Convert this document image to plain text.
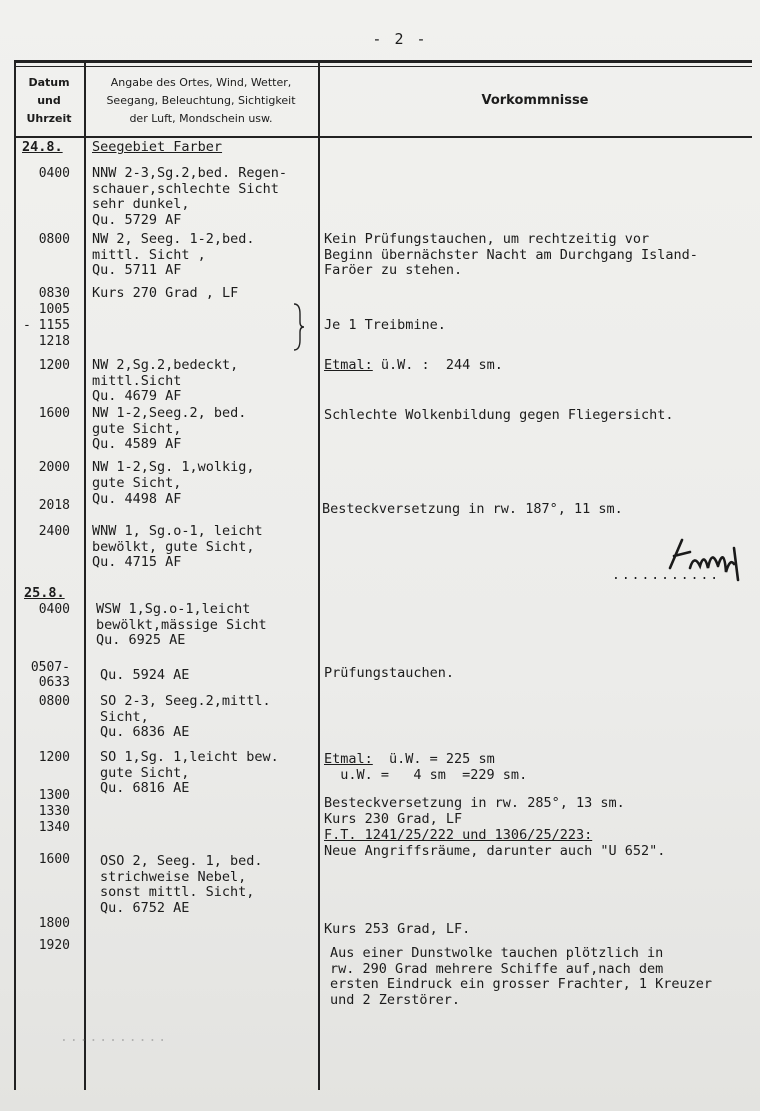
- 2 -
Datum
und
Uhrzeit
Angabe des Ortes, Wind, Wetter,
Seegang, Beleuchtung, Sichtigkeit
der Luft, Mondschein usw.
Vorkommnisse
24.8. Seegebiet Farber
0400 NNW 2-3,Sg.2,bed. Regen-
schauer,schlechte Sicht
sehr dunkel,
Qu. 5729 AF
0800 NW 2, Seeg. 1-2,bed.
mittl. Sicht ,
Qu. 5711 AF
Kein Prüfungstauchen, um rechtzeitig vor
Beginn übernächster Nacht am Durchgang Island-
Faröer zu stehen.
0830
1005
- 1155
1218
Kurs 270 Grad , LF
Je 1 Treibmine.
1200 NW 2,Sg.2,bedeckt,
mittl.Sicht
Qu. 4679 AF
Etmal: ü.W. :  244 sm.
1600 NW 1-2,Seeg.2, bed.
gute Sicht,
Qu. 4589 AF
Schlechte Wolkenbildung gegen Fliegersicht.
2000 NW 1-2,Sg. 1,wolkig,
gute Sicht,
2018 Qu. 4498 AF
Besteckversetzung in rw. 187°, 11 sm.
2400 WNW 1, Sg.o-1, leicht
bewölkt, gute Sicht,
Qu. 4715 AF
...........
25.8.
0400 WSW 1,Sg.o-1,leicht
bewölkt,mässige Sicht
Qu. 6925 AE
0507-
0633 Qu. 5924 AE	Prüfungstauchen.
0800 SO 2-3, Seeg.2,mittl.
Sicht,
Qu. 6836 AE
1200 SO 1,Sg. 1,leicht bew.
gute Sicht,
Qu. 6816 AE
Etmal:  ü.W. = 225 sm
u.W. =   4 sm  =229 sm.
1300
1330
1340
Besteckversetzung in rw. 285°, 13 sm.
Kurs 230 Grad, LF
F.T. 1241/25/222 und 1306/25/223:
Neue Angriffsräume, darunter auch "U 652".
1600 OSO 2, Seeg. 1, bed.
strichweise Nebel,
sonst mittl. Sicht,
Qu. 6752 AE
1800
1920
Kurs 253 Grad, LF.
Aus einer Dunstwolke tauchen plötzlich in
rw. 290 Grad mehrere Schiffe auf,nach dem
ersten Eindruck ein grosser Frachter, 1 Kreuzer
und 2 Zerstörer.
...........
